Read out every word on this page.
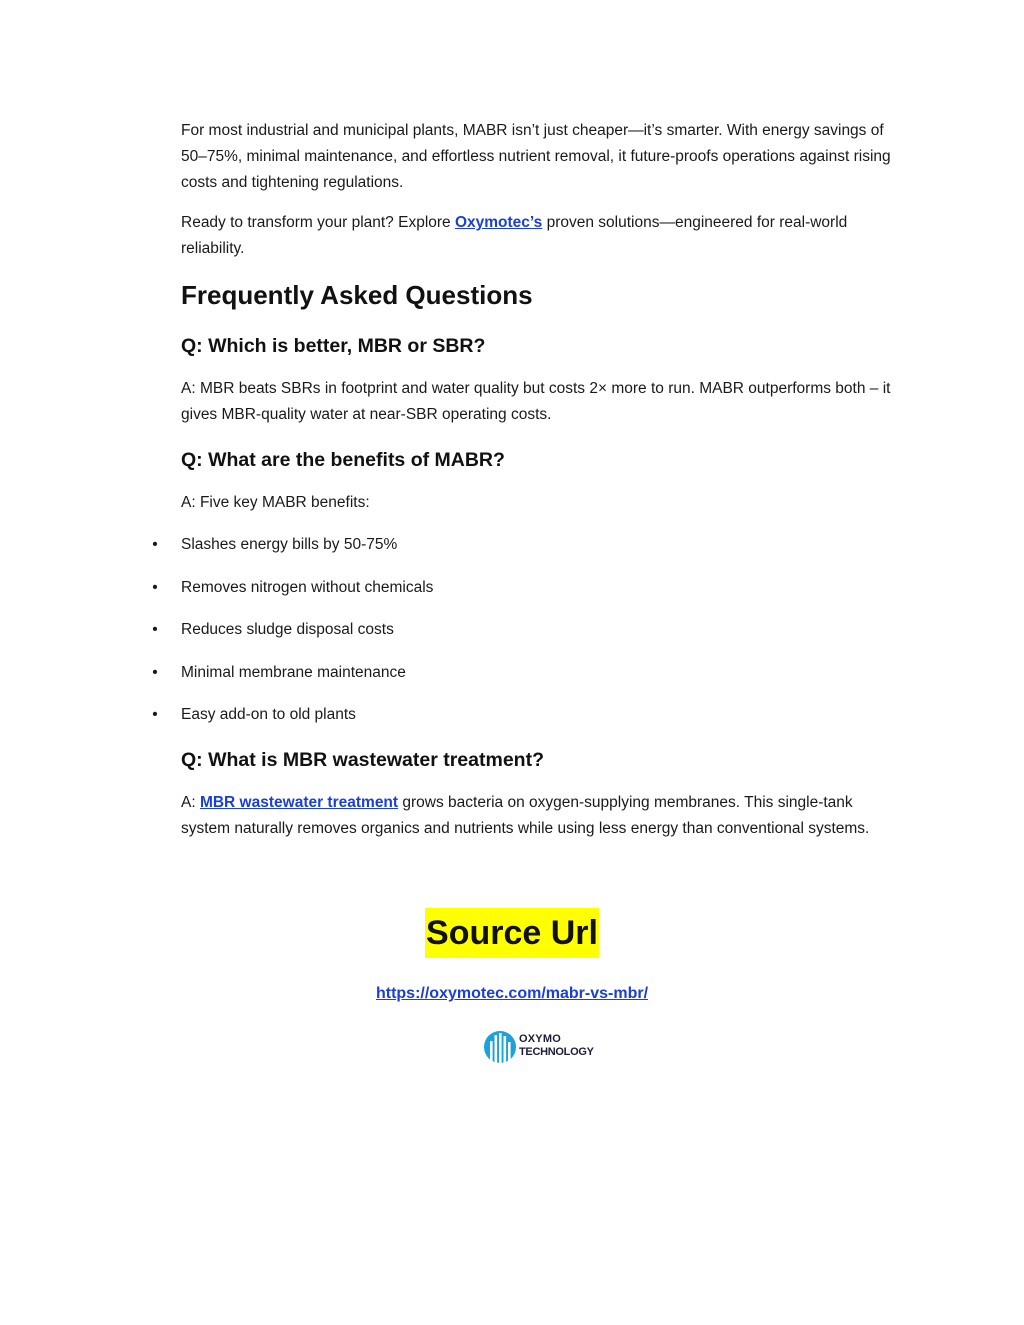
For most industrial and municipal plants, MABR isn’t just cheaper—it’s smarter. With energy savings of 50–75%, minimal maintenance, and effortless nutrient removal, it future-proofs operations against rising costs and tightening regulations.

Ready to transform your plant? Explore Oxymotec’s proven solutions—engineered for real-world reliability.

Frequently Asked Questions
Q: Which is better, MBR or SBR?

A: MBR beats SBRs in footprint and water quality but costs 2× more to run. MABR outperforms both – it gives MBR-quality water at near-SBR operating costs.

Q: What are the benefits of MABR?

A: Five key MABR benefits:

• Slashes energy bills by 50-75%
• Removes nitrogen without chemicals
• Reduces sludge disposal costs
• Minimal membrane maintenance
• Easy add-on to old plants
Q: What is MBR wastewater treatment?

A: MBR wastewater treatment grows bacteria on oxygen-supplying membranes. This single-tank system naturally removes organics and nutrients while using less energy than conventional systems.

Source Url
https://oxymotec.com/mabr-vs-mbr/
OXYMO
TECHNOLOGY
